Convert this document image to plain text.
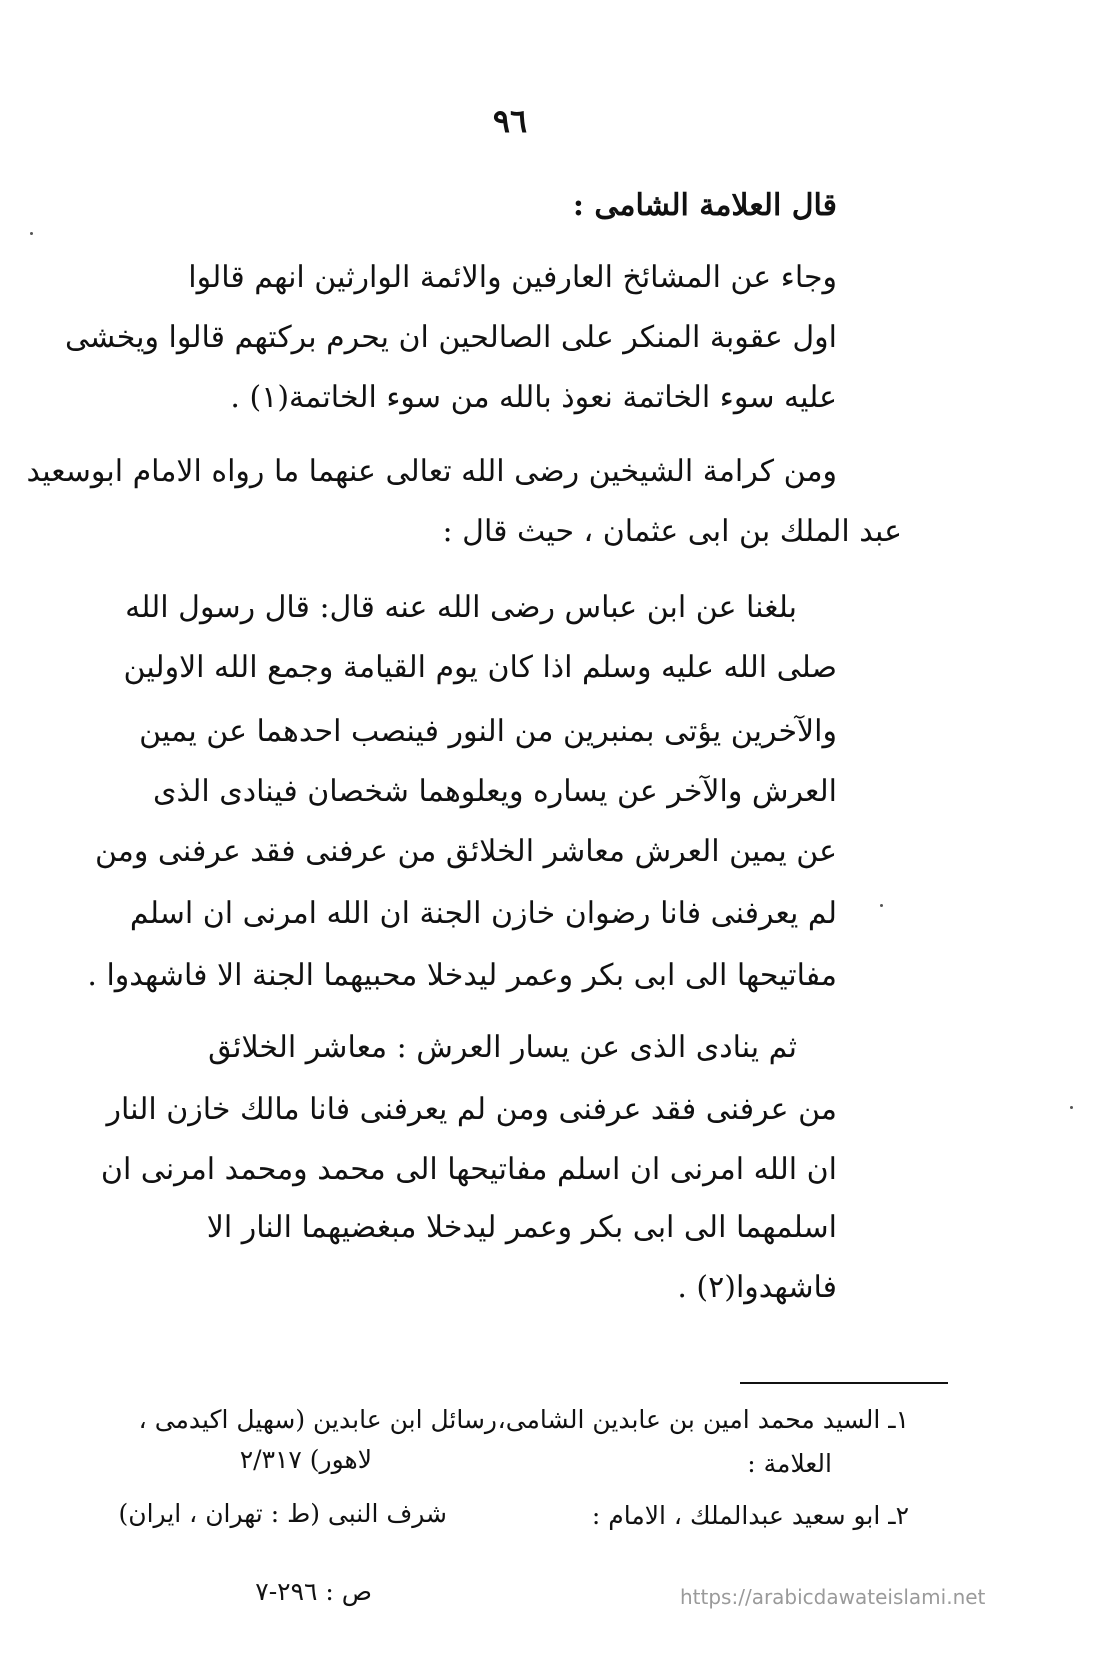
٩٦
قال العلامة الشامى :
وجاء عن المشائخ العارفين والائمة الوارثين انهم قالوا
اول عقوبة المنكر على الصالحين ان يحرم بركتهم قالوا ويخشى
عليه سوء الخاتمة نعوذ بالله من سوء الخاتمة(١) .
ومن كرامة الشيخين رضى الله تعالى عنهما ما رواه الامام ابوسعيد
عبد الملك بن ابى عثمان ، حيث قال :
بلغنا عن ابن عباس رضى الله عنه قال: قال رسول الله
صلى الله عليه وسلم اذا كان يوم القيامة وجمع الله الاولين
والآخرين يؤتى بمنبرين من النور فينصب احدهما عن يمين
العرش والآخر عن يساره ويعلوهما شخصان فينادى الذى
عن يمين العرش معاشر الخلائق من عرفنى فقد عرفنى ومن
لم يعرفنى فانا رضوان خازن الجنة ان الله امرنى ان اسلم
مفاتيحها الى ابى بكر وعمر ليدخلا محبيهما الجنة الا فاشهدوا .
ثم ينادى الذى عن يسار العرش : معاشر الخلائق
من عرفنى فقد عرفنى ومن لم يعرفنى فانا مالك خازن النار
ان الله امرنى ان اسلم مفاتيحها الى محمد ومحمد امرنى ان
اسلمهما الى ابى بكر وعمر ليدخلا مبغضيهما النار الا
فاشهدوا(٢) .
١ـ السيد محمد امين بن عابدين الشامى،
رسائل ابن عابدين (سهيل اكيدمى ،
العلامة :
لاهور) ٢/٣١٧
٢ـ ابو سعيد عبدالملك ، الامام :
شرف النبى (ط : تهران ، ايران)
ص : ٢٩٦-٧	https://arabicdawateislami.net
